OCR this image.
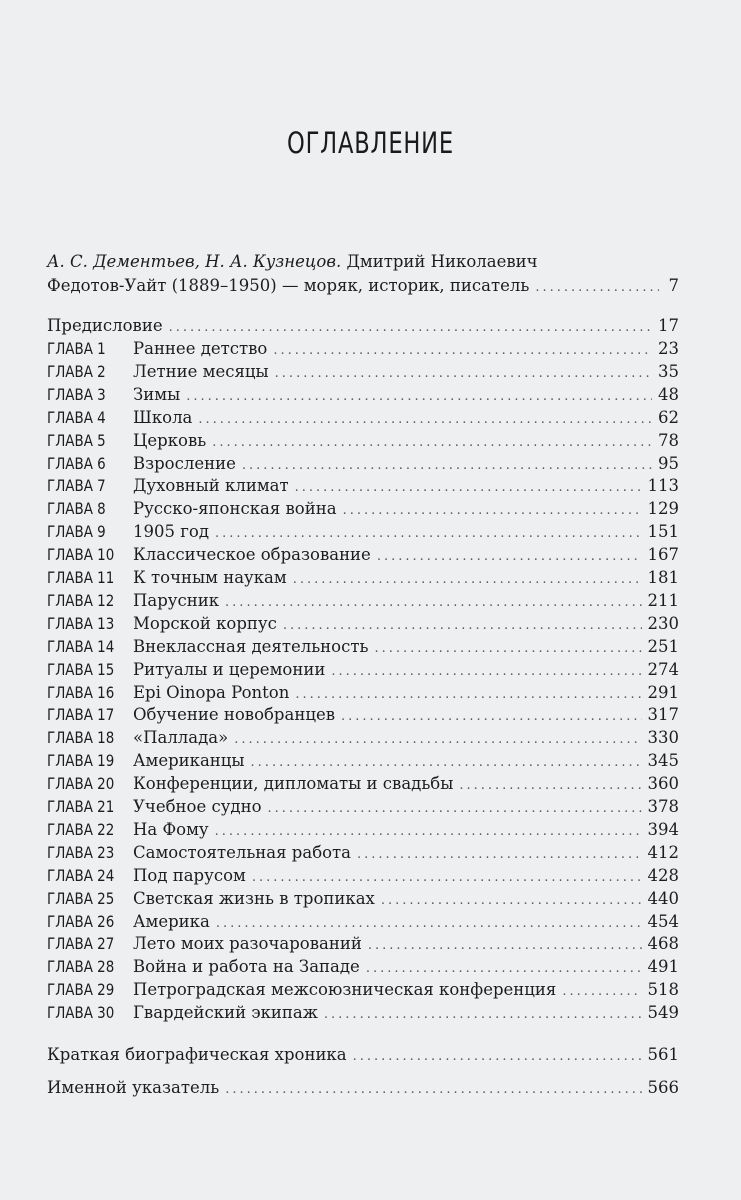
ОГЛАВЛЕНИЕ
А. С. Дементьев, Н. А. Кузнецов. Дмитрий Николаевич
Федотов-Уайт (1889–1950) — моряк, историк, писатель .....	7
Предисловие .....	17
ГЛАВА 1	Раннее детство .....	23
ГЛАВА 2	Летние месяцы .....	35
ГЛАВА 3	Зимы .....	48
ГЛАВА 4	Школа .....	62
ГЛАВА 5	Церковь .....	78
ГЛАВА 6	Взросление .....	95
ГЛАВА 7	Духовный климат .....	113
ГЛАВА 8	Русско-японская война .....	129
ГЛАВА 9	1905 год .....	151
ГЛАВА 10 Классическое образование .....	167
ГЛАВА 11 К точным наукам .....	181
ГЛАВА 12 Парусник .....	211
ГЛАВА 13 Морской корпус .....	230
ГЛАВА 14 Внеклассная деятельность .....	251
ГЛАВА 15 Ритуалы и церемонии .....	274
ГЛАВА 16 Epi Oinopa Ponton .....	291
ГЛАВА 17 Обучение новобранцев .....	317
ГЛАВА 18 «Паллада» .....	330
ГЛАВА 19 Американцы .....	345
ГЛАВА 20 Конференции, дипломаты и свадьбы .....	360
ГЛАВА 21 Учебное судно .....	378
ГЛАВА 22 На Фому .....	394
ГЛАВА 23 Самостоятельная работа .....	412
ГЛАВА 24 Под парусом .....	428
ГЛАВА 25 Светская жизнь в тропиках .....	440
ГЛАВА 26 Америка .....	454
ГЛАВА 27 Лето моих разочарований .....	468
ГЛАВА 28 Война и работа на Западе .....	491
ГЛАВА 29 Петроградская межсоюзническая конференция .....	518
ГЛАВА 30 Гвардейский экипаж .....	549
Краткая биографическая хроника .....	561
Именной указатель .....	566
